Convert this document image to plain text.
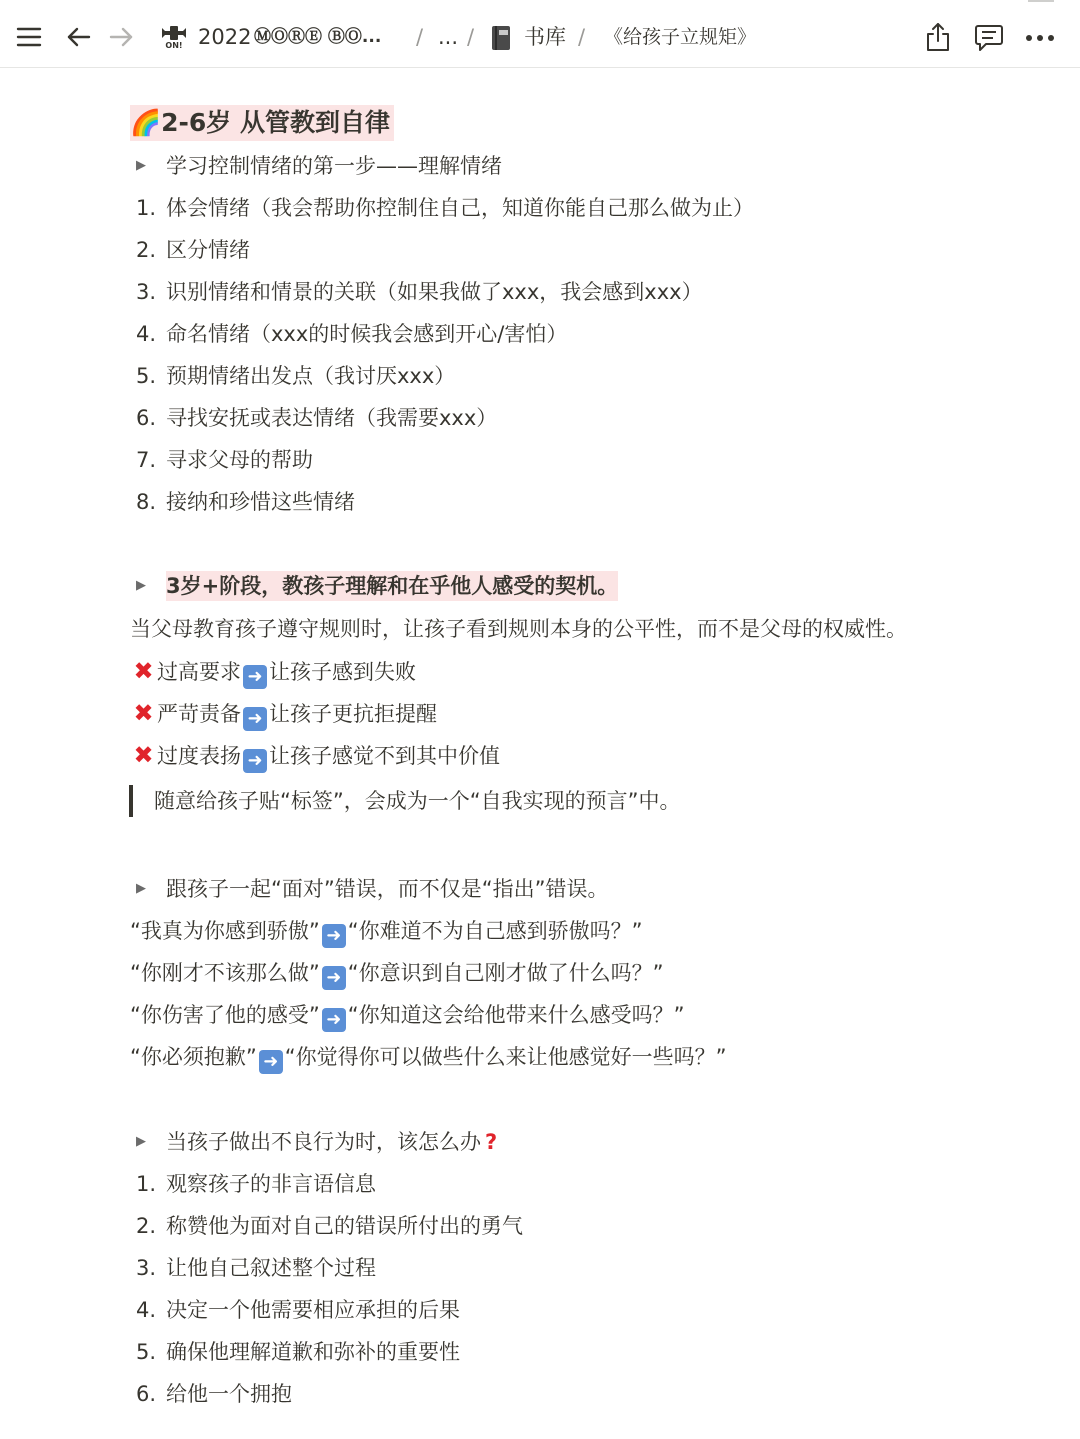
ON! 2022 ⓂⓄⓇⒺ ⒷⓄ... / ... / 书库 / 《给孩子立规矩》
🌈2-6岁 从管教到自律
▶ 学习控制情绪的第一步——理解情绪
1. 体会情绪（我会帮助你控制住自己，知道你能自己那么做为止）
2. 区分情绪
3. 识别情绪和情景的关联（如果我做了xxx，我会感到xxx）
4. 命名情绪（xxx的时候我会感到开心/害怕）
5. 预期情绪出发点（我讨厌xxx）
6. 寻找安抚或表达情绪（我需要xxx）
7. 寻求父母的帮助
8. 接纳和珍惜这些情绪
▶ 3岁+阶段，教孩子理解和在乎他人感受的契机。
当父母教育孩子遵守规则时，让孩子看到规则本身的公平性，而不是父母的权威性。
✖ 过高要求 ➜ 让孩子感到失败
✖ 严苛责备 ➜ 让孩子更抗拒提醒
✖ 过度表扬 ➜ 让孩子感觉不到其中价值
随意给孩子贴“标签”，会成为一个“自我实现的预言”中。
▶ 跟孩子一起“面对”错误，而不仅是“指出”错误。
“我真为你感到骄傲” ➜ “你难道不为自己感到骄傲吗？”
“你刚才不该那么做” ➜ “你意识到自己刚才做了什么吗？”
“你伤害了他的感受” ➜ “你知道这会给他带来什么感受吗？”
“你必须抱歉” ➜ “你觉得你可以做些什么来让他感觉好一些吗？”
▶ 当孩子做出不良行为时，该怎么办 ?
1. 观察孩子的非言语信息
2. 称赞他为面对自己的错误所付出的勇气
3. 让他自己叙述整个过程
4. 决定一个他需要相应承担的后果
5. 确保他理解道歉和弥补的重要性
6. 给他一个拥抱
